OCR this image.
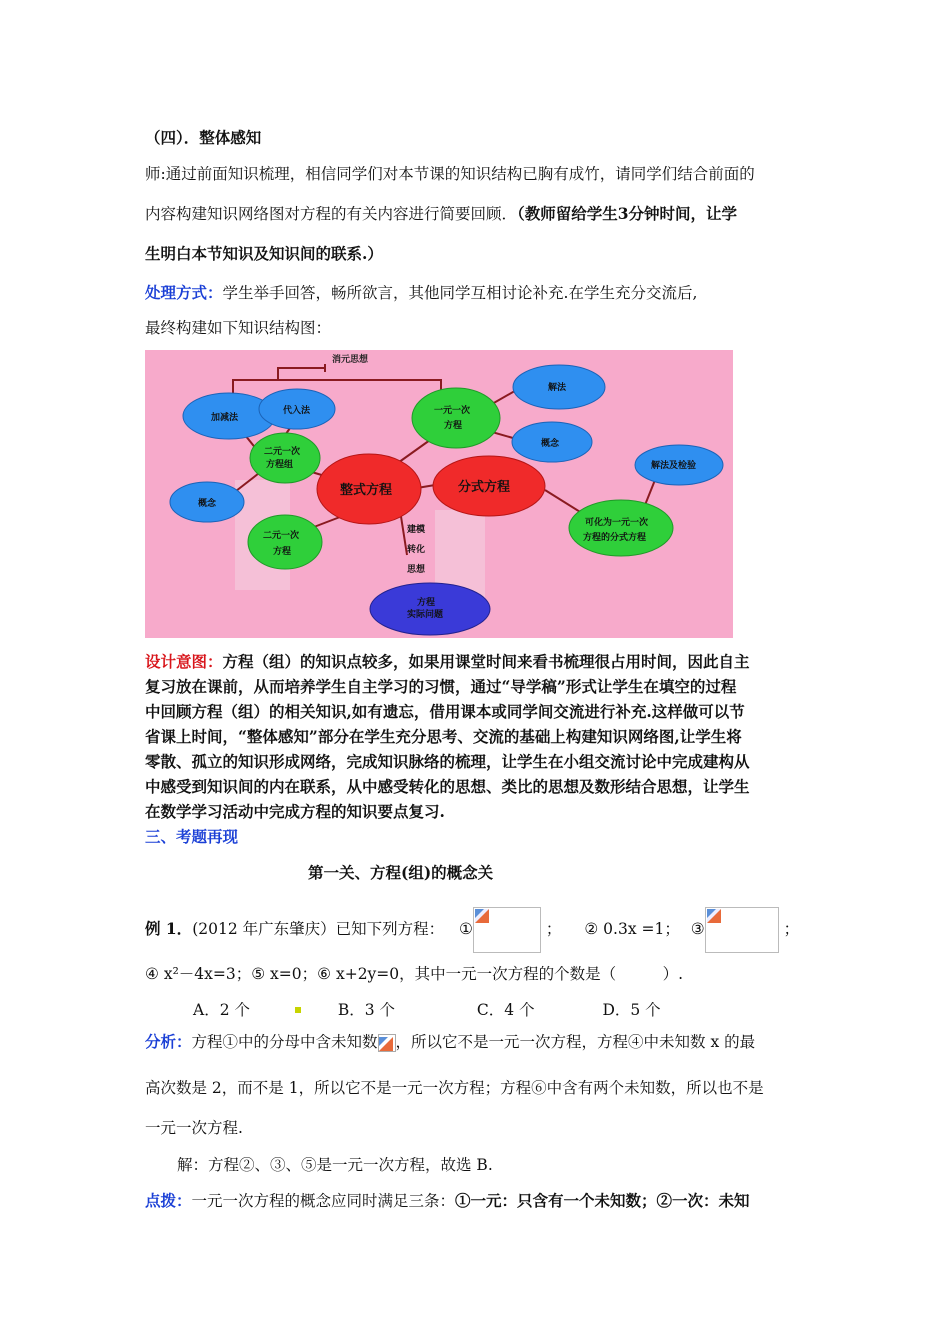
（四）．整体感知
师:通过前面知识梳理，相信同学们对本节课的知识结构已胸有成竹，请同学们结合前面的
内容构建知识网络图对方程的有关内容进行简要回顾．（教师留给学生3分钟时间，让学
生明白本节知识及知识间的联系.）
处理方式：学生举手回答，畅所欲言，其他同学互相讨论补充.在学生充分交流后,
最终构建如下知识结构图：
消元思想
加减法
代入法
二元一次
方程组
概念
整式方程	分式方程
一元一次
方程
解法
概念
解法及检验
可化为一元一次
方程的分式方程
二元一次
方程
建模
转化
思想
方程
实际问题
设计意图：方程（组）的知识点较多，如果用课堂时间来看书梳理很占用时间，因此自主
复习放在课前，从而培养学生自主学习的习惯，通过“导学稿”形式让学生在填空的过程
中回顾方程（组）的相关知识,如有遗忘，借用课本或同学间交流进行补充.这样做可以节
省课上时间，“整体感知”部分在学生充分思考、交流的基础上构建知识网络图,让学生将
零散、孤立的知识形成网络，完成知识脉络的梳理，让学生在小组交流讨论中完成建构从
中感受到知识间的内在联系，从中感受转化的思想、类比的思想及数形结合思想，让学生
在数学学习活动中完成方程的知识要点复习.
三、考题再现
第一关、方程(组)的概念关
例 1．(2012 年广东肇庆）已知下列方程： ①	； ② 0.3x =1； ③	；
④ x²－4x=3；⑤ x=0；⑥ x+2y=0，其中一元一次方程的个数是（　　　）.
A．2 个	B．3 个	C．4 个	D．5 个
分析：方程①中的分母中含未知数 ，所以它不是一元一次方程，方程④中未知数 x 的最
高次数是 2，而不是 1，所以它不是一元一次方程；方程⑥中含有两个未知数，所以也不是
一元一次方程.
解：方程②、③、⑤是一元一次方程，故选 B.
点拨：一元一次方程的概念应同时满足三条：①一元：只含有一个未知数；②一次：未知
